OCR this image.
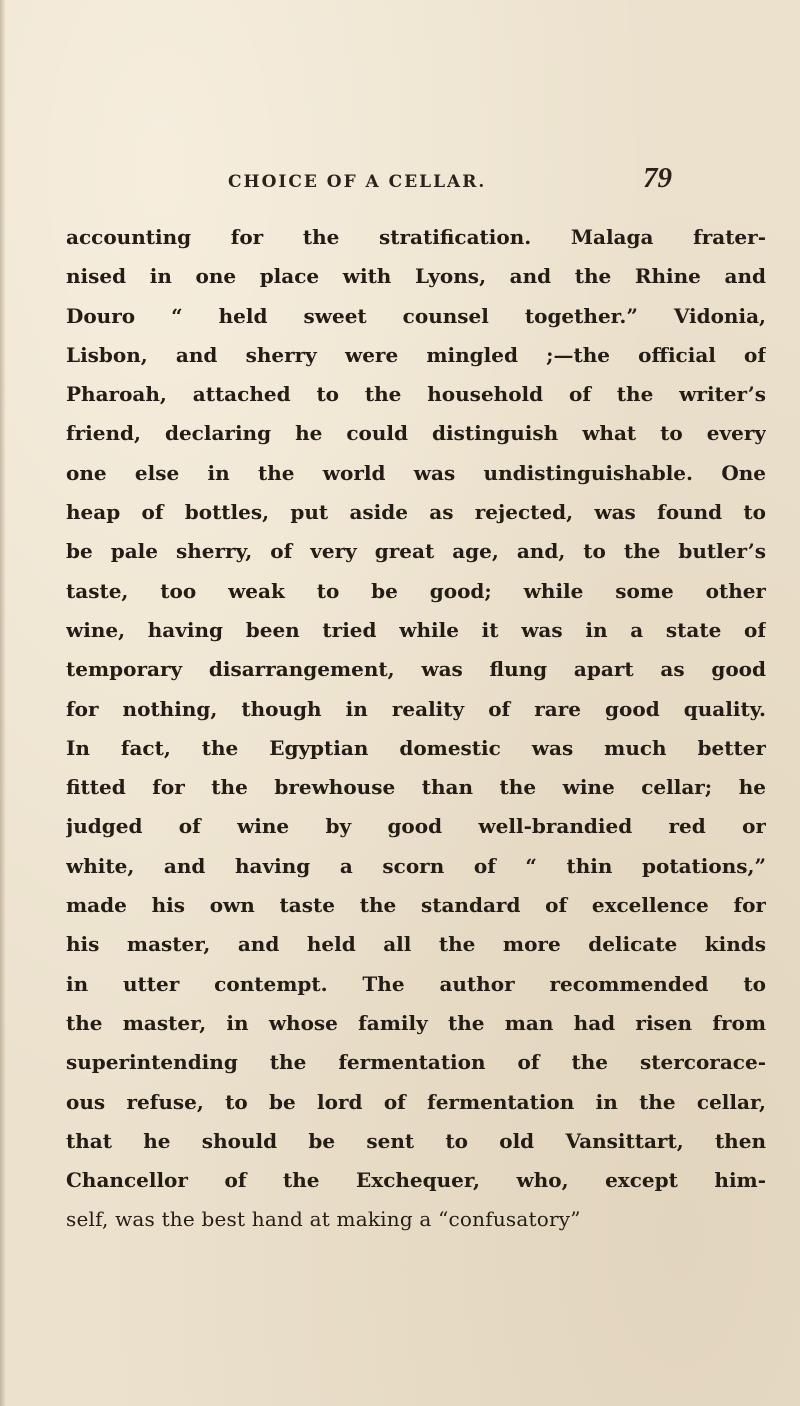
CHOICE OF A CELLAR.	79
accounting for the stratification. Malaga frater-
nised in one place with Lyons, and the Rhine and
Douro “ held sweet counsel together.” Vidonia,
Lisbon, and sherry were mingled ;—the official of
Pharoah, attached to the household of the writer’s
friend, declaring he could distinguish what to every
one else in the world was undistinguishable. One
heap of bottles, put aside as rejected, was found to
be pale sherry, of very great age, and, to the butler’s
taste, too weak to be good; while some other
wine, having been tried while it was in a state of
temporary disarrangement, was flung apart as good
for nothing, though in reality of rare good quality.
In fact, the Egyptian domestic was much better
fitted for the brewhouse than the wine cellar; he
judged of wine by good well-brandied red or
white, and having a scorn of “ thin potations,”
made his own taste the standard of excellence for
his master, and held all the more delicate kinds
in utter contempt. The author recommended to
the master, in whose family the man had risen from
superintending the fermentation of the stercorace-
ous refuse, to be lord of fermentation in the cellar,
that he should be sent to old Vansittart, then
Chancellor of the Exchequer, who, except him-
self, was the best hand at making a “confusatory”
